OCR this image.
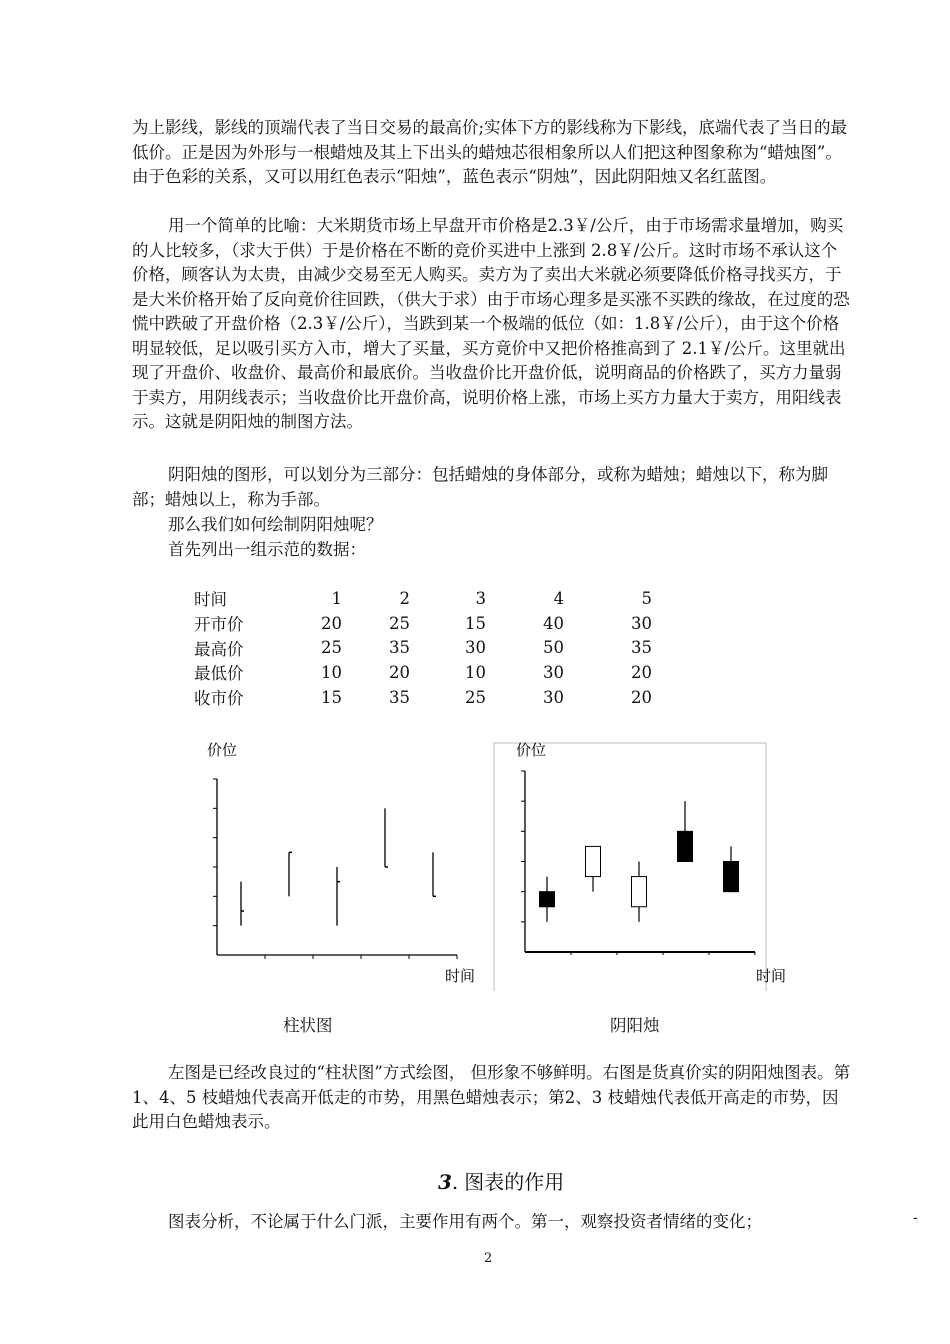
为上影线，影线的顶端代表了当日交易的最高价;实体下方的影线称为下影线，底端代表了当日的最低价。正是因为外形与一根蜡烛及其上下出头的蜡烛芯很相象所以人们把这种图象称为“蜡烛图”。由于色彩的关系，又可以用红色表示“阳烛”，蓝色表示“阴烛”，因此阴阳烛又名红蓝图。

用一个简单的比喻：大米期货市场上早盘开市价格是2.3￥/公斤，由于市场需求量增加，购买的人比较多，（求大于供）于是价格在不断的竞价买进中上涨到 2.8￥/公斤。这时市场不承认这个价格，顾客认为太贵，由减少交易至无人购买。卖方为了卖出大米就必须要降低价格寻找买方，于是大米价格开始了反向竟价往回跌，（供大于求）由于市场心理多是买涨不买跌的缘故，在过度的恐慌中跌破了开盘价格（2.3￥/公斤），当跌到某一个极端的低位（如：1.8￥/公斤），由于这个价格明显较低，足以吸引买方入市，增大了买量，买方竟价中又把价格推高到了 2.1￥/公斤。这里就出现了开盘价、收盘价、最高价和最底价。当收盘价比开盘价低，说明商品的价格跌了，买方力量弱于卖方，用阴线表示；当收盘价比开盘价高，说明价格上涨，市场上买方力量大于卖方，用阳线表示。这就是阴阳烛的制图方法。

阴阳烛的图形，可以划分为三部分：包括蜡烛的身体部分，或称为蜡烛；蜡烛以下，称为脚部；蜡烛以上，称为手部。

那么我们如何绘制阴阳烛呢？

首先列出一组示范的数据：

时间	1	2	3	4	5
开市价	20	25	15	40	30
最高价	25	35	30	50	35
最低价	10	20	10	30	20
收市价	15	35	25	30	20
价位
时间
价位
时间
柱状图	阴阳烛

左图是已经改良过的“柱状图”方式绘图， 但形象不够鲜明。右图是货真价实的阴阳烛图表。第 1、4、5 枝蜡烛代表高开低走的市势，用黑色蜡烛表示；第2、3 枝蜡烛代表低开高走的市势，因此用白色蜡烛表示。

3. 图表的作用

图表分析，不论属于什么门派，主要作用有两个。第一，观察投资者情绪的变化；	-
2
